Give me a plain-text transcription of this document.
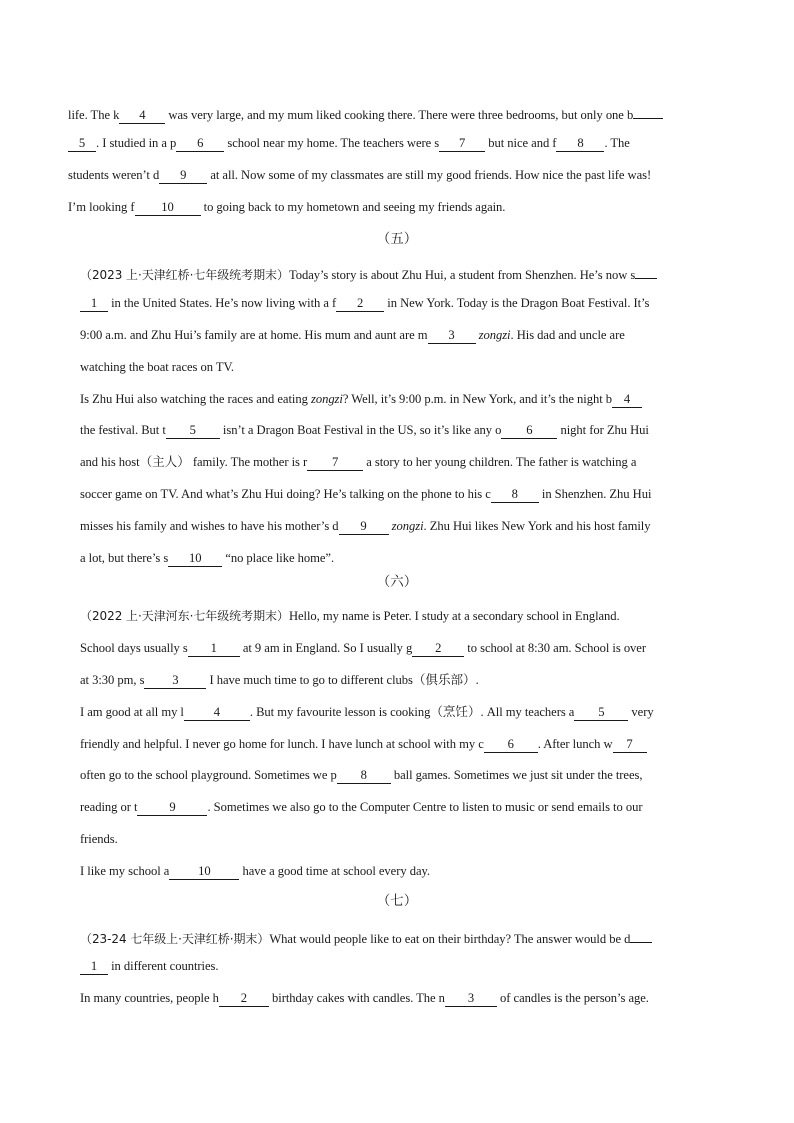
life. The k 4 was very large, and my mum liked cooking there. There were three bedrooms, but only one b
5 . I studied in a p 6 school near my home. The teachers were s 7 but nice and f 8 . The
students weren’t d 9 at all. Now some of my classmates are still my good friends. How nice the past life was!
I’m looking f 10 to going back to my hometown and seeing my friends again.
（五）
（2023 上·天津红桥·七年级统考期末）Today’s story is about Zhu Hui, a student from Shenzhen. He’s now s
1 in the United States. He’s now living with a f 2 in New York. Today is the Dragon Boat Festival. It’s
9:00 a.m. and Zhu Hui’s family are at home. His mum and aunt are m 3 zongzi. His dad and uncle are
watching the boat races on TV.
Is Zhu Hui also watching the races and eating zongzi? Well, it’s 9:00 p.m. in New York, and it’s the night b 4
the festival. But t 5 isn’t a Dragon Boat Festival in the US, so it’s like any o 6 night for Zhu Hui
and his host（主人） family. The mother is r 7 a story to her young children. The father is watching a
soccer game on TV. And what’s Zhu Hui doing? He’s talking on the phone to his c 8 in Shenzhen. Zhu Hui
misses his family and wishes to have his mother’s d 9 zongzi. Zhu Hui likes New York and his host family
a lot, but there’s s 10 “no place like home”.
（六）
（2022 上·天津河东·七年级统考期末）Hello, my name is Peter. I study at a secondary school in England.
School days usually s 1 at 9 am in England. So I usually g 2 to school at 8:30 am. School is over
at 3:30 pm, s 3 I have much time to go to different clubs（俱乐部）.
I am good at all my l 4 . But my favourite lesson is cooking（烹饪）. All my teachers a 5 very
friendly and helpful. I never go home for lunch. I have lunch at school with my c 6 . After lunch w 7
often go to the school playground. Sometimes we p 8 ball games. Sometimes we just sit under the trees,
reading or t	9	. Sometimes we also go to the Computer Centre to listen to music or send emails to our
friends.
I like my school a 10 have a good time at school every day.
（七）
（23-24 七年级上·天津红桥·期末）What would people like to eat on their birthday? The answer would be d
1 in different countries.
In many countries, people h 2 birthday cakes with candles. The n 3 of candles is the person’s age.
